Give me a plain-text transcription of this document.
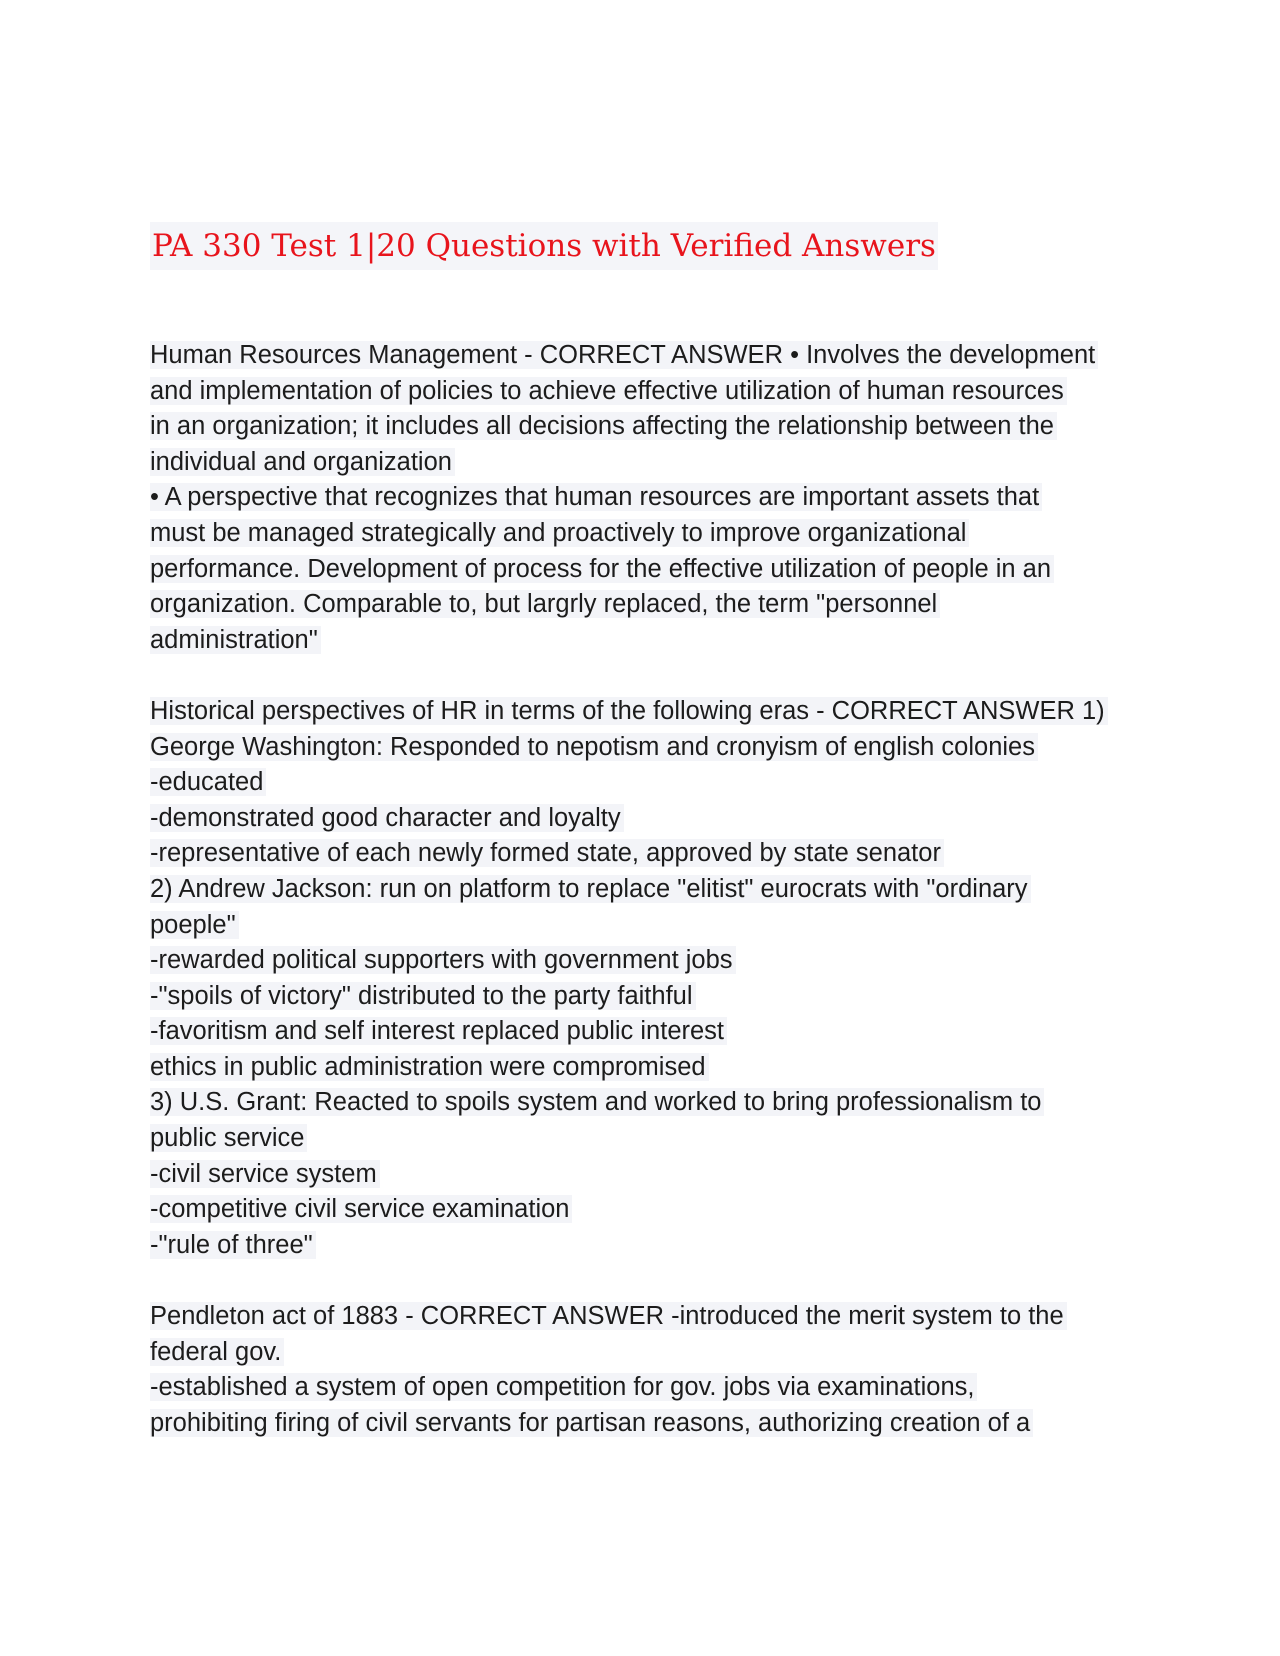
PA 330 Test 1|20 Questions with Verified Answers
Human Resources Management - CORRECT ANSWER • Involves the development
and implementation of policies to achieve effective utilization of human resources
in an organization; it includes all decisions affecting the relationship between the
individual and organization
• A perspective that recognizes that human resources are important assets that
must be managed strategically and proactively to improve organizational
performance. Development of process for the effective utilization of people in an
organization. Comparable to, but largrly replaced, the term "personnel
administration"
Historical perspectives of HR in terms of the following eras - CORRECT ANSWER 1)
George Washington: Responded to nepotism and cronyism of english colonies
-educated
-demonstrated good character and loyalty
-representative of each newly formed state, approved by state senator
2) Andrew Jackson: run on platform to replace "elitist" eurocrats with "ordinary
poeple"
-rewarded political supporters with government jobs
-"spoils of victory" distributed to the party faithful
-favoritism and self interest replaced public interest
ethics in public administration were compromised
3) U.S. Grant: Reacted to spoils system and worked to bring professionalism to
public service
-civil service system
-competitive civil service examination
-"rule of three"
Pendleton act of 1883 - CORRECT ANSWER -introduced the merit system to the
federal gov.
-established a system of open competition for gov. jobs via examinations,
prohibiting firing of civil servants for partisan reasons, authorizing creation of a
